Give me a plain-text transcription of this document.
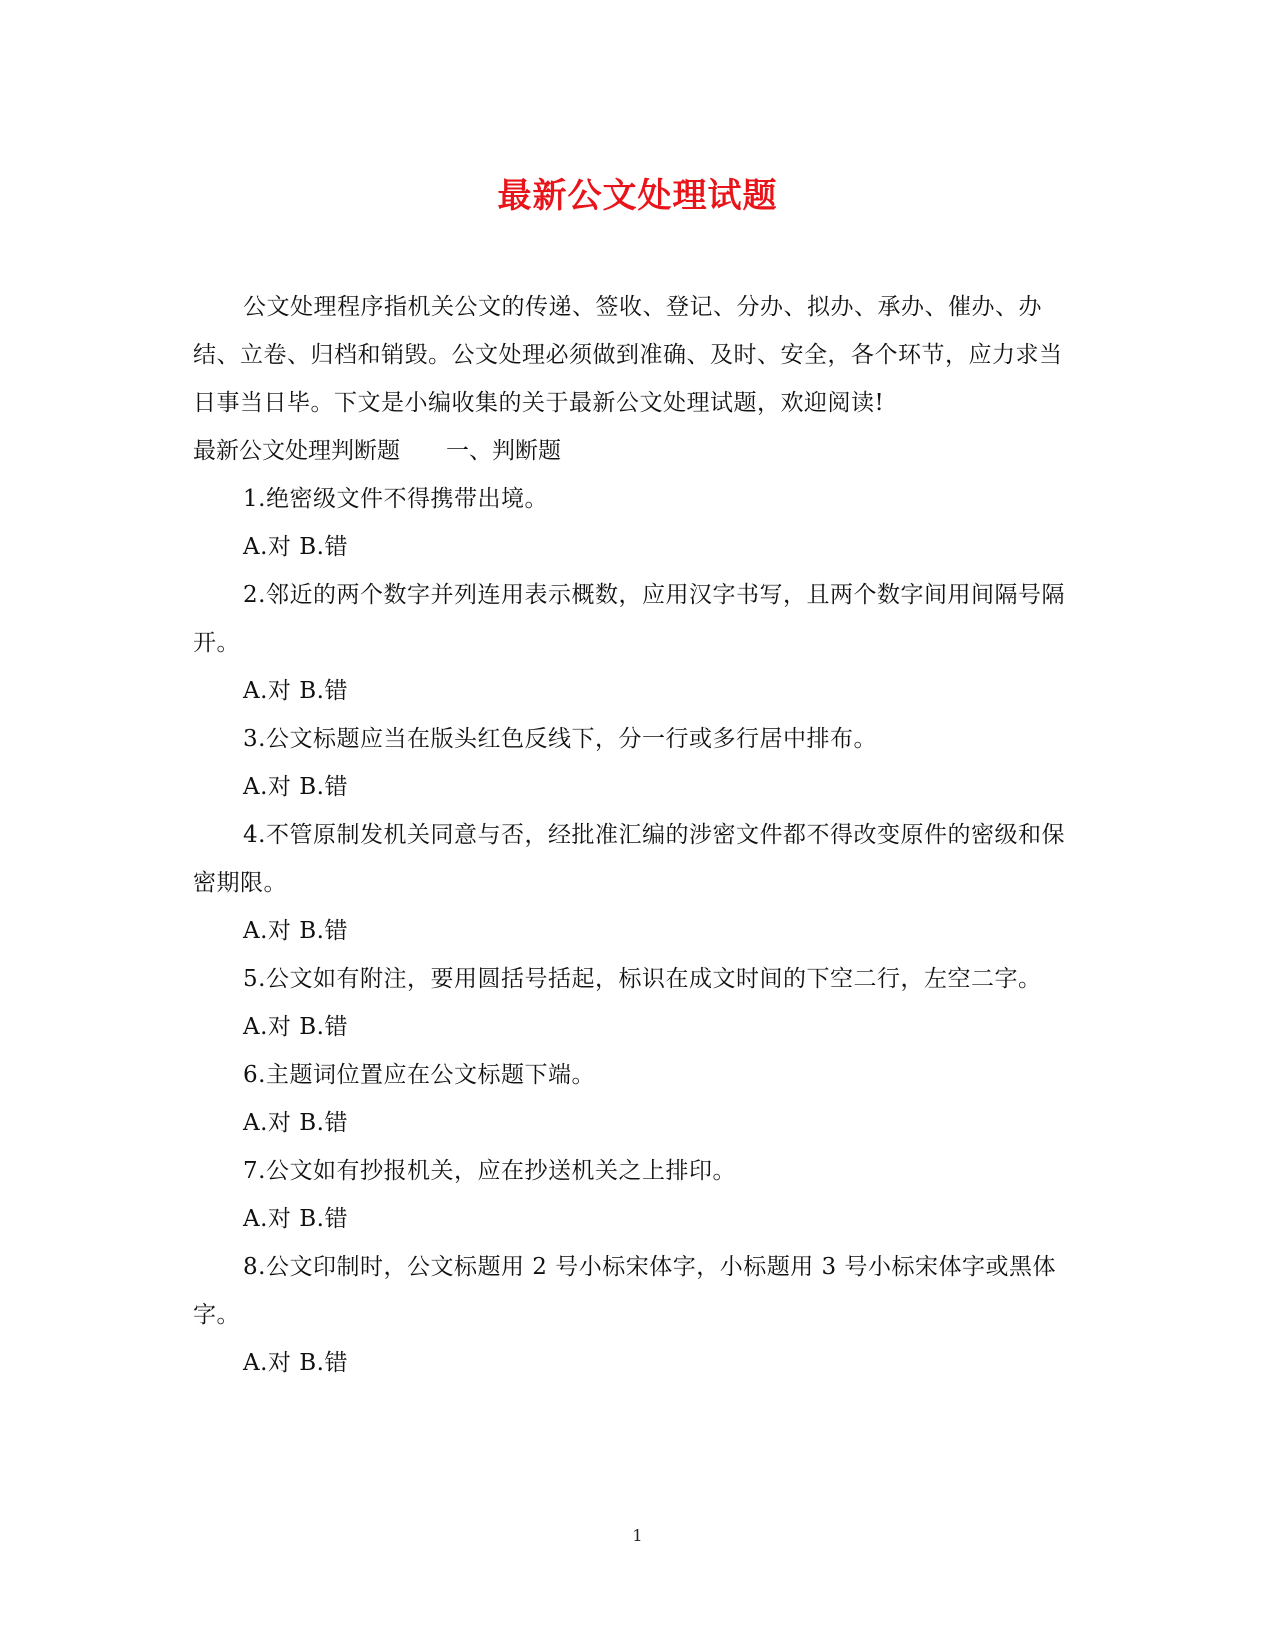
最新公文处理试题

公文处理程序指机关公文的传递、签收、登记、分办、拟办、承办、催办、办结、立卷、归档和销毁。公文处理必须做到准确、及时、安全，各个环节，应力求当日事当日毕。下文是小编收集的关于最新公文处理试题，欢迎阅读!

最新公文处理判断题　　一、判断题

1.绝密级文件不得携带出境。

A.对 B.错

2.邻近的两个数字并列连用表示概数，应用汉字书写，且两个数字间用间隔号隔开。

A.对 B.错

3.公文标题应当在版头红色反线下，分一行或多行居中排布。

A.对 B.错

4.不管原制发机关同意与否，经批准汇编的涉密文件都不得改变原件的密级和保密期限。

A.对 B.错

5.公文如有附注，要用圆括号括起，标识在成文时间的下空二行，左空二字。

A.对 B.错

6.主题词位置应在公文标题下端。

A.对 B.错

7.公文如有抄报机关，应在抄送机关之上排印。

A.对 B.错

8.公文印制时，公文标题用 2 号小标宋体字，小标题用 3 号小标宋体字或黑体字。

A.对 B.错

1
